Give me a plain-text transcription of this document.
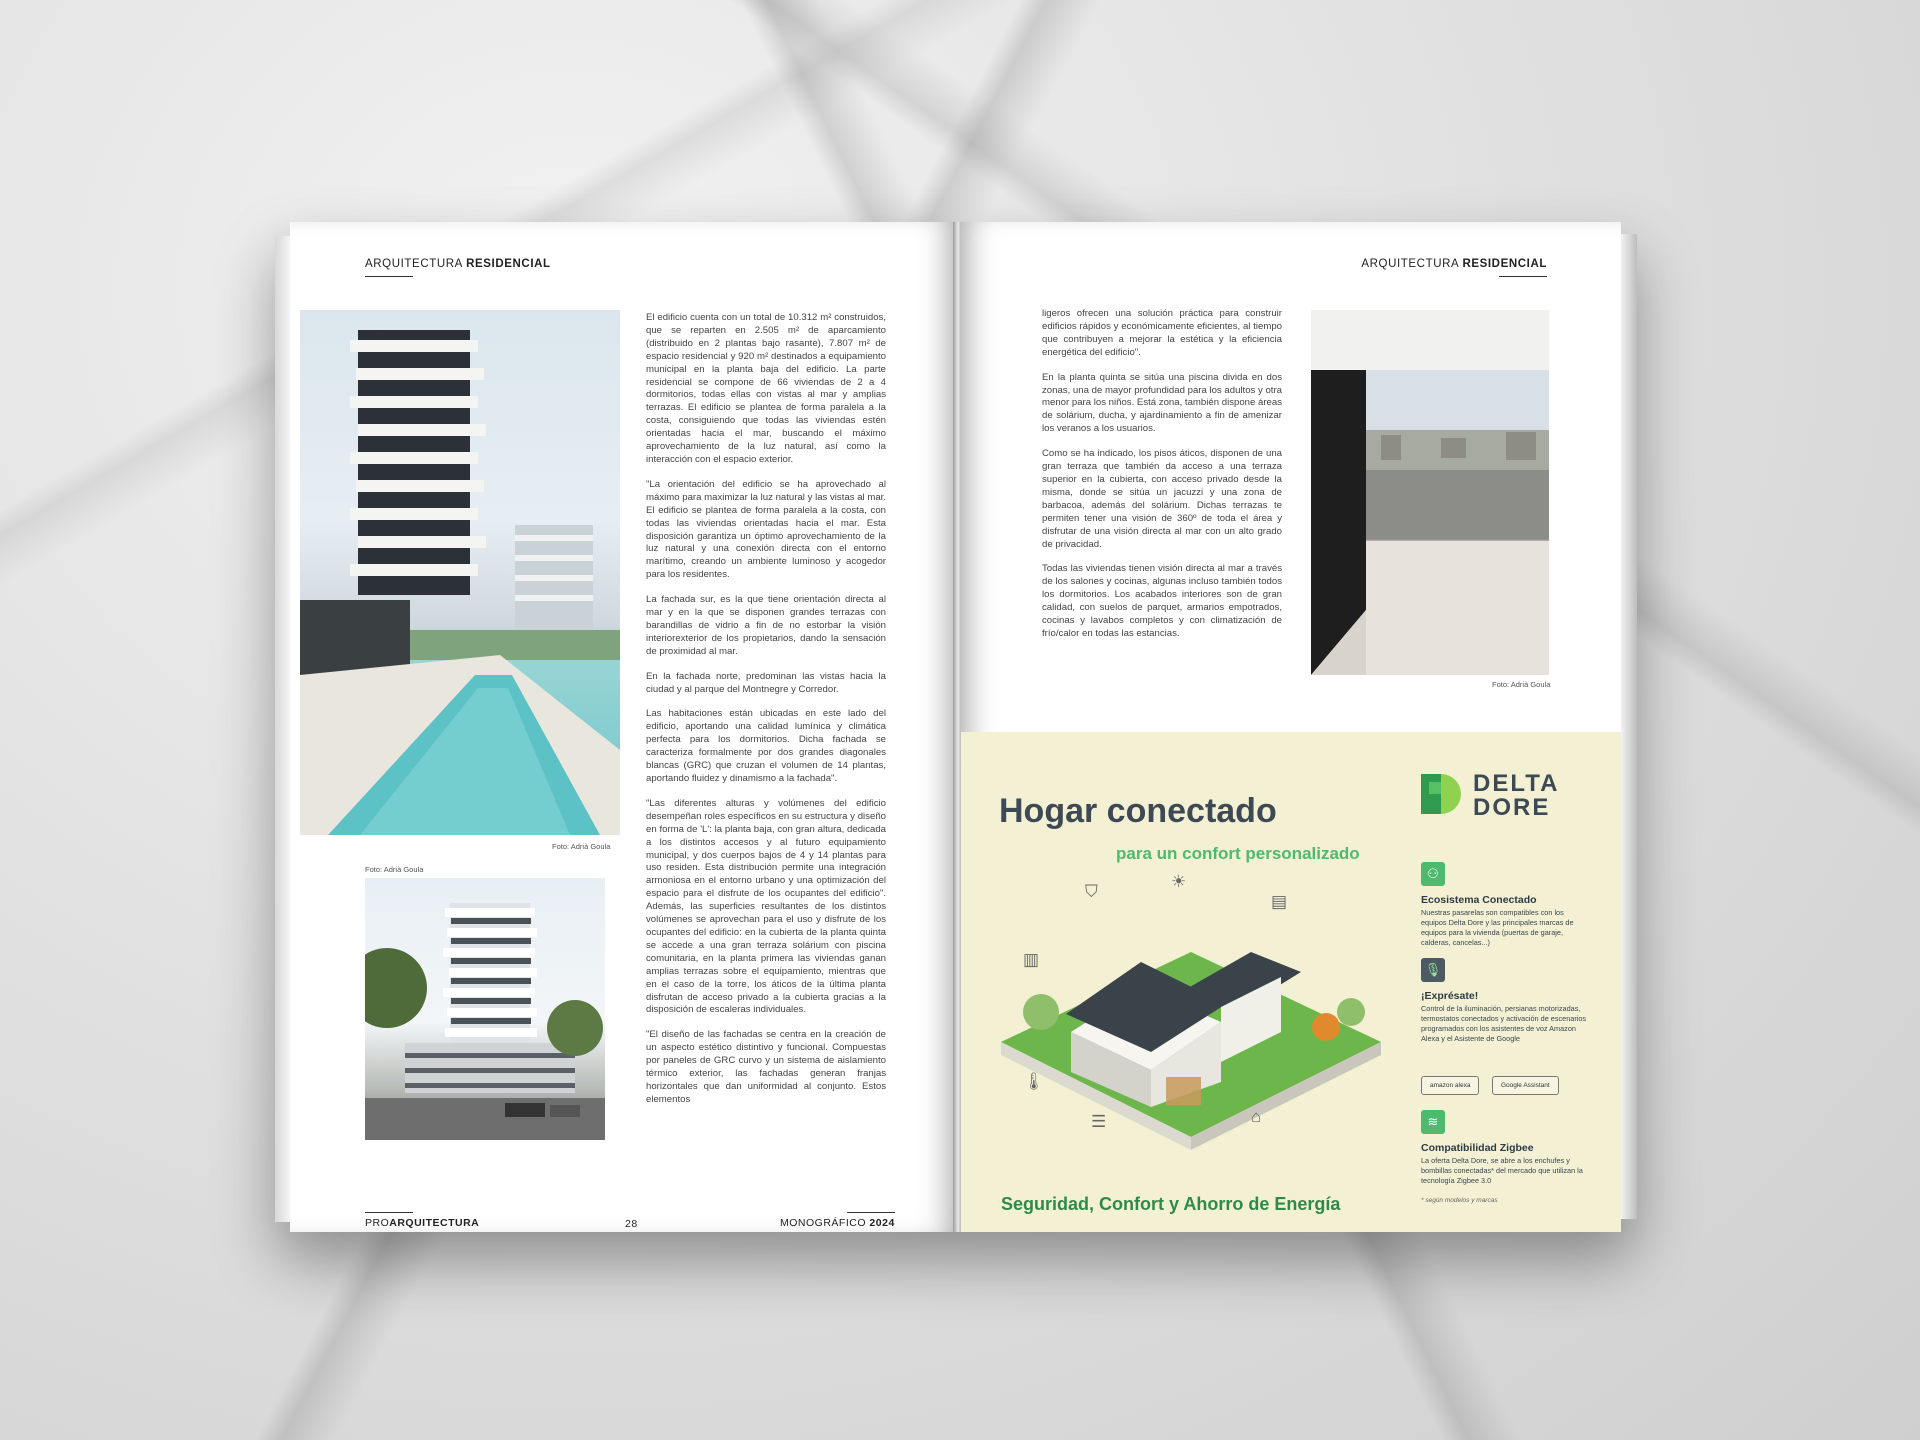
ARQUITECTURA RESIDENCIAL
Foto: Adrià Goula
Foto: Adrià Goula

El edificio cuenta con un total de 10.312 m² construidos, que se reparten en 2.505 m² de aparcamiento (distribuido en 2 plantas bajo rasante), 7.807 m² de espacio residencial y 920 m² destinados a equipamiento municipal en la planta baja del edificio. La parte residencial se compone de 66 viviendas de 2 a 4 dormitorios, todas ellas con vistas al mar y amplias terrazas. El edificio se plantea de forma paralela a la costa, consiguiendo que todas las viviendas estén orientadas hacia el mar, buscando el máximo aprovechamiento de la luz natural, así como la interacción con el espacio exterior.

"La orientación del edificio se ha aprovechado al máximo para maximizar la luz natural y las vistas al mar. El edificio se plantea de forma paralela a la costa, con todas las viviendas orientadas hacia el mar. Esta disposición garantiza un óptimo aprovechamiento de la luz natural y una conexión directa con el entorno marítimo, creando un ambiente luminoso y acogedor para los residentes.

La fachada sur, es la que tiene orientación directa al mar y en la que se disponen grandes terrazas con barandillas de vidrio a fin de no estorbar la visión interiorexterior de los propietarios, dando la sensación de proximidad al mar.

En la fachada norte, predominan las vistas hacia la ciudad y al parque del Montnegre y Corredor.

Las habitaciones están ubicadas en este lado del edificio, aportando una calidad lumínica y climática perfecta para los dormitorios. Dicha fachada se caracteriza formalmente por dos grandes diagonales blancas (GRC) que cruzan el volumen de 14 plantas, aportando fluidez y dinamismo a la fachada".

"Las diferentes alturas y volúmenes del edificio desempeñan roles específicos en su estructura y diseño en forma de 'L': la planta baja, con gran altura, dedicada a los distintos accesos y al futuro equipamiento municipal, y dos cuerpos bajos de 4 y 14 plantas para uso residen. Esta distribución permite una integración armoniosa en el entorno urbano y una optimización del espacio para el disfrute de los ocupantes del edificio". Además, las superficies resultantes de los distintos volúmenes se aprovechan para el uso y disfrute de los ocupantes del edificio: en la cubierta de la planta quinta se accede a una gran terraza solárium con piscina comunitaria, en la planta primera las viviendas ganan amplias terrazas sobre el equipamiento, mientras que en el caso de la torre, los áticos de la última planta disfrutan de acceso privado a la cubierta gracias a la disposición de escaleras individuales.

"El diseño de las fachadas se centra en la creación de un aspecto estético distintivo y funcional. Compuestas por paneles de GRC curvo y un sistema de aislamiento térmico exterior, las fachadas generan franjas horizontales que dan uniformidad al conjunto. Estos elementos

PROARQUITECTURA	28	MONOGRÁFICO 2024
ARQUITECTURA RESIDENCIAL

ligeros ofrecen una solución práctica para construir edificios rápidos y económicamente eficientes, al tiempo que contribuyen a mejorar la estética y la eficiencia energética del edificio".

En la planta quinta se sitúa una piscina divida en dos zonas, una de mayor profundidad para los adultos y otra menor para los niños. Está zona, también dispone áreas de solárium, ducha, y ajardinamiento a fin de amenizar los veranos a los usuarios.

Como se ha indicado, los pisos áticos, disponen de una gran terraza que también da acceso a una terraza superior en la cubierta, con acceso privado desde la misma, donde se sitúa un jacuzzi y una zona de barbacoa, además del solárium. Dichas terrazas te permiten tener una visión de 360º de toda el área y disfrutar de una visión directa al mar con un alto grado de privacidad.

Todas las viviendas tienen visión directa al mar a través de los salones y cocinas, algunas incluso también todos los dormitorios. Los acabados interiores son de gran calidad, con suelos de parquet, armarios empotrados, cocinas y lavabos completos y con climatización de frío/calor en todas las estancias.

Foto: Adrià Goula
Hogar conectado
para un confort personalizado
DELTA
DORE
⛉
☀
▤
▥
🌡
☰	⌂
⚇
Ecosistema Conectado
Nuestras pasarelas son compatibles con los equipos Delta Dore y las principales marcas de equipos para la vivienda (puertas de garaje, calderas, cancelas...)
🎙
¡Exprésate!
Control de la iluminación, persianas motorizadas, termostatos conectados y activación de escenarios programados con los asistentes de voz Amazon Alexa y el Asistente de Google
amazon alexa	Google Assistant
≋
Compatibilidad Zigbee
La oferta Delta Dore, se abre a los enchufes y bombillas conectadas* del mercado que utilizan la tecnología Zigbee 3.0
* según modelos y marcas
Seguridad, Confort y Ahorro de Energía
